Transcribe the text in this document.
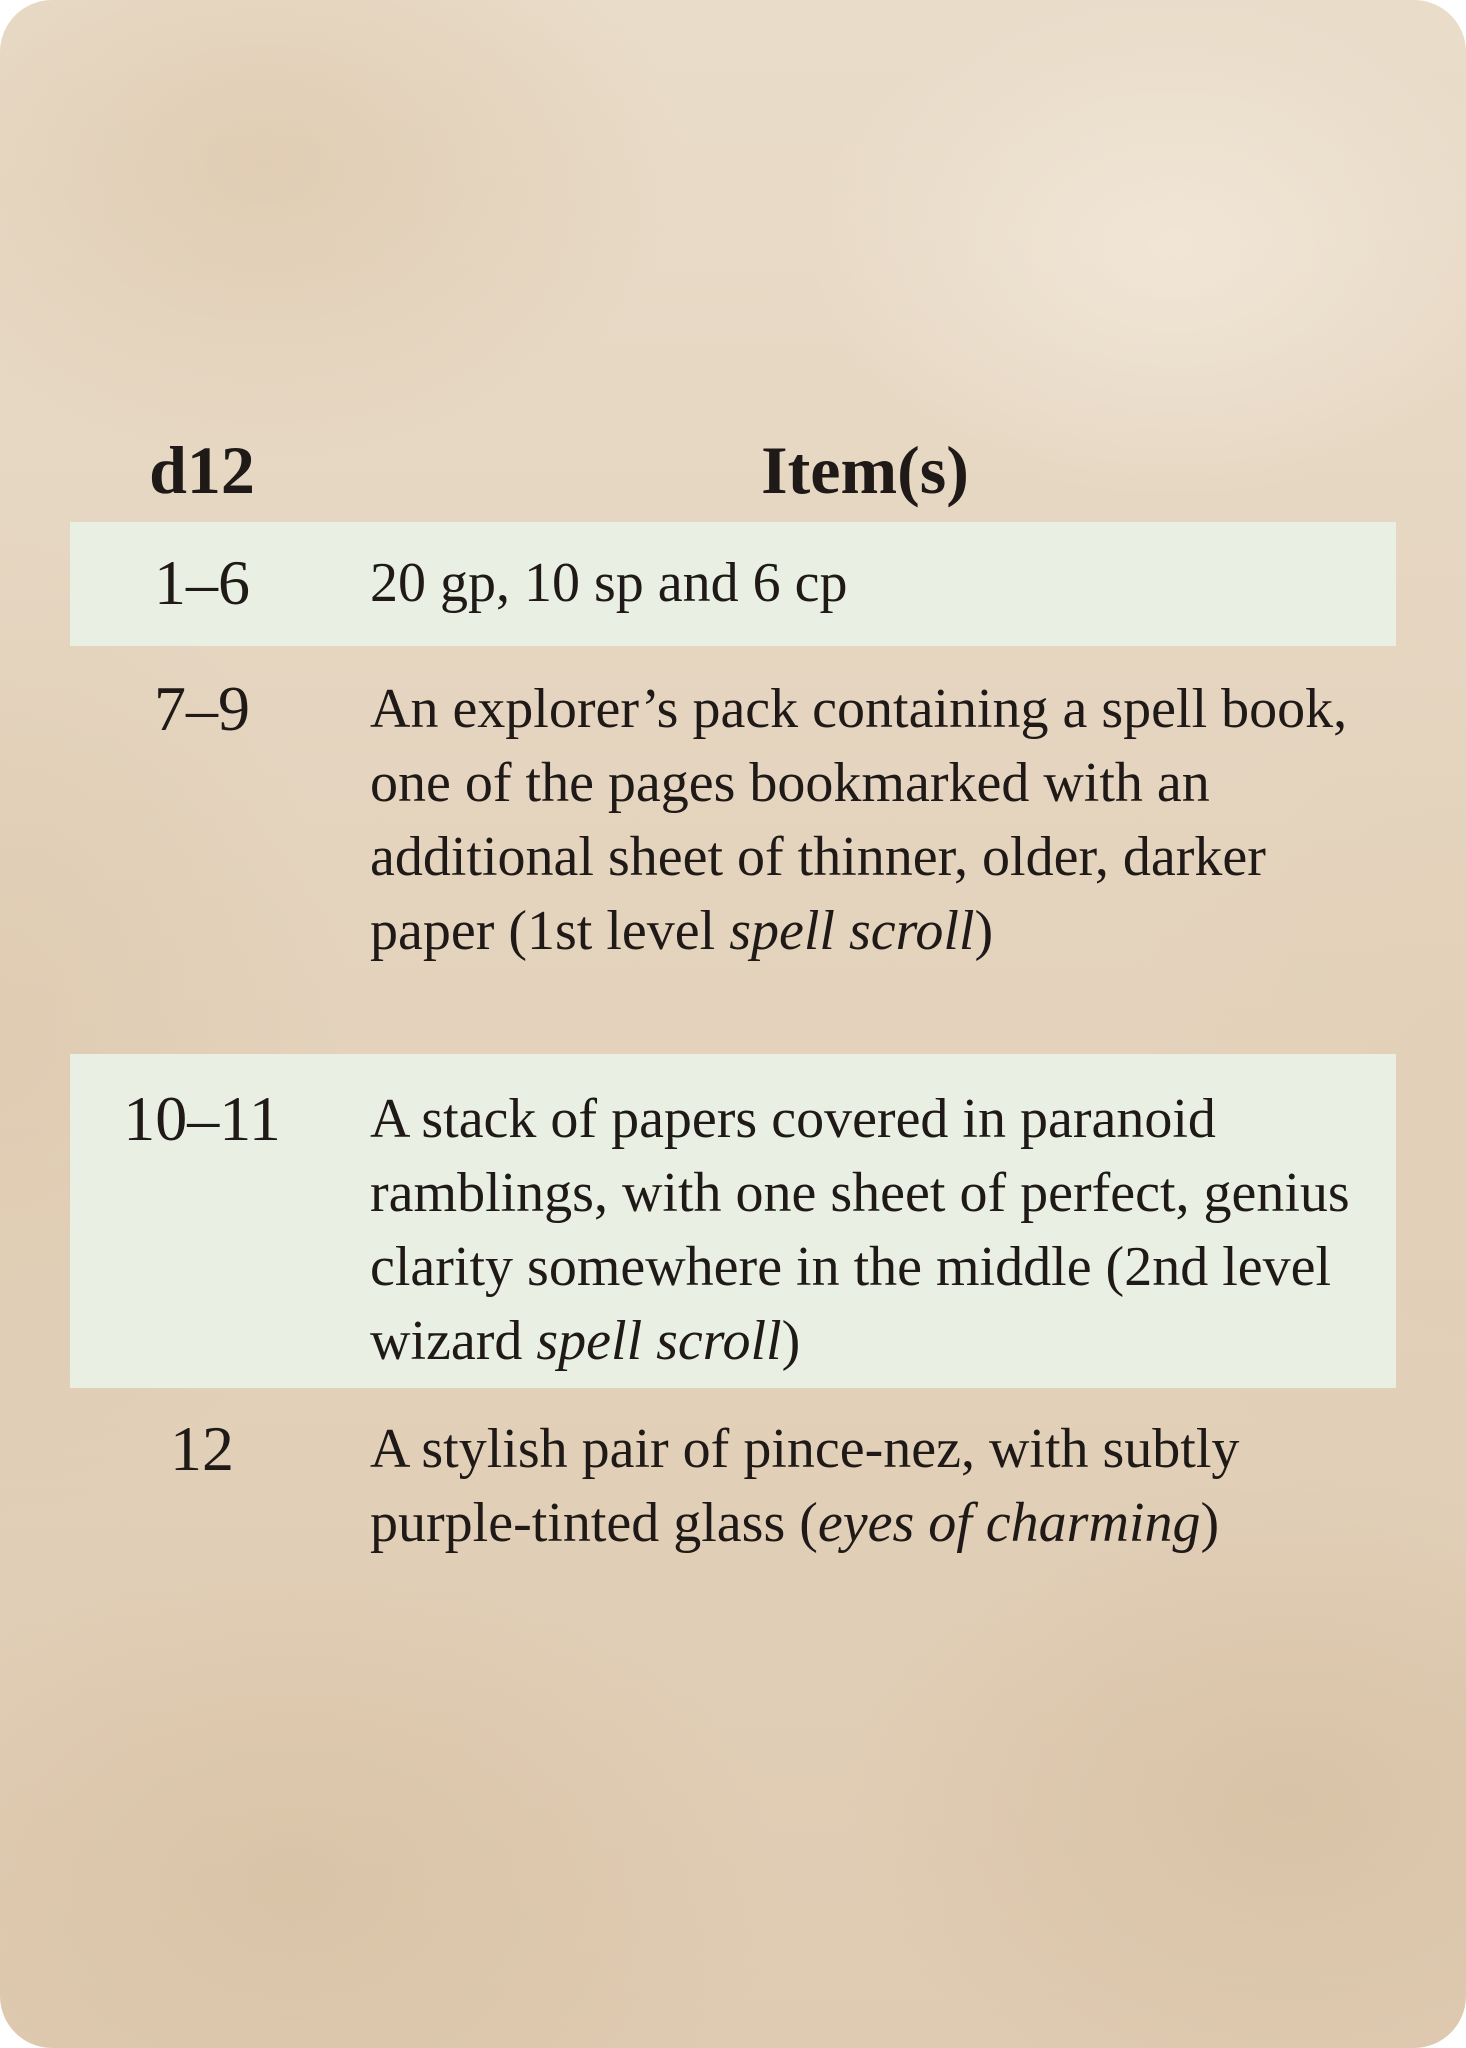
d12	Item(s)
1–6	20 gp, 10 sp and 6 cp
7–9	An explorer’s pack containing a spell book, one of the pages bookmarked with an additional sheet of thinner, older, darker paper (1st level spell scroll)
10–11	A stack of papers covered in paranoid ramblings, with one sheet of perfect, genius clarity somewhere in the middle (2nd level wizard spell scroll)
12	A stylish pair of pince-nez, with subtly purple-tinted glass (eyes of charming)
